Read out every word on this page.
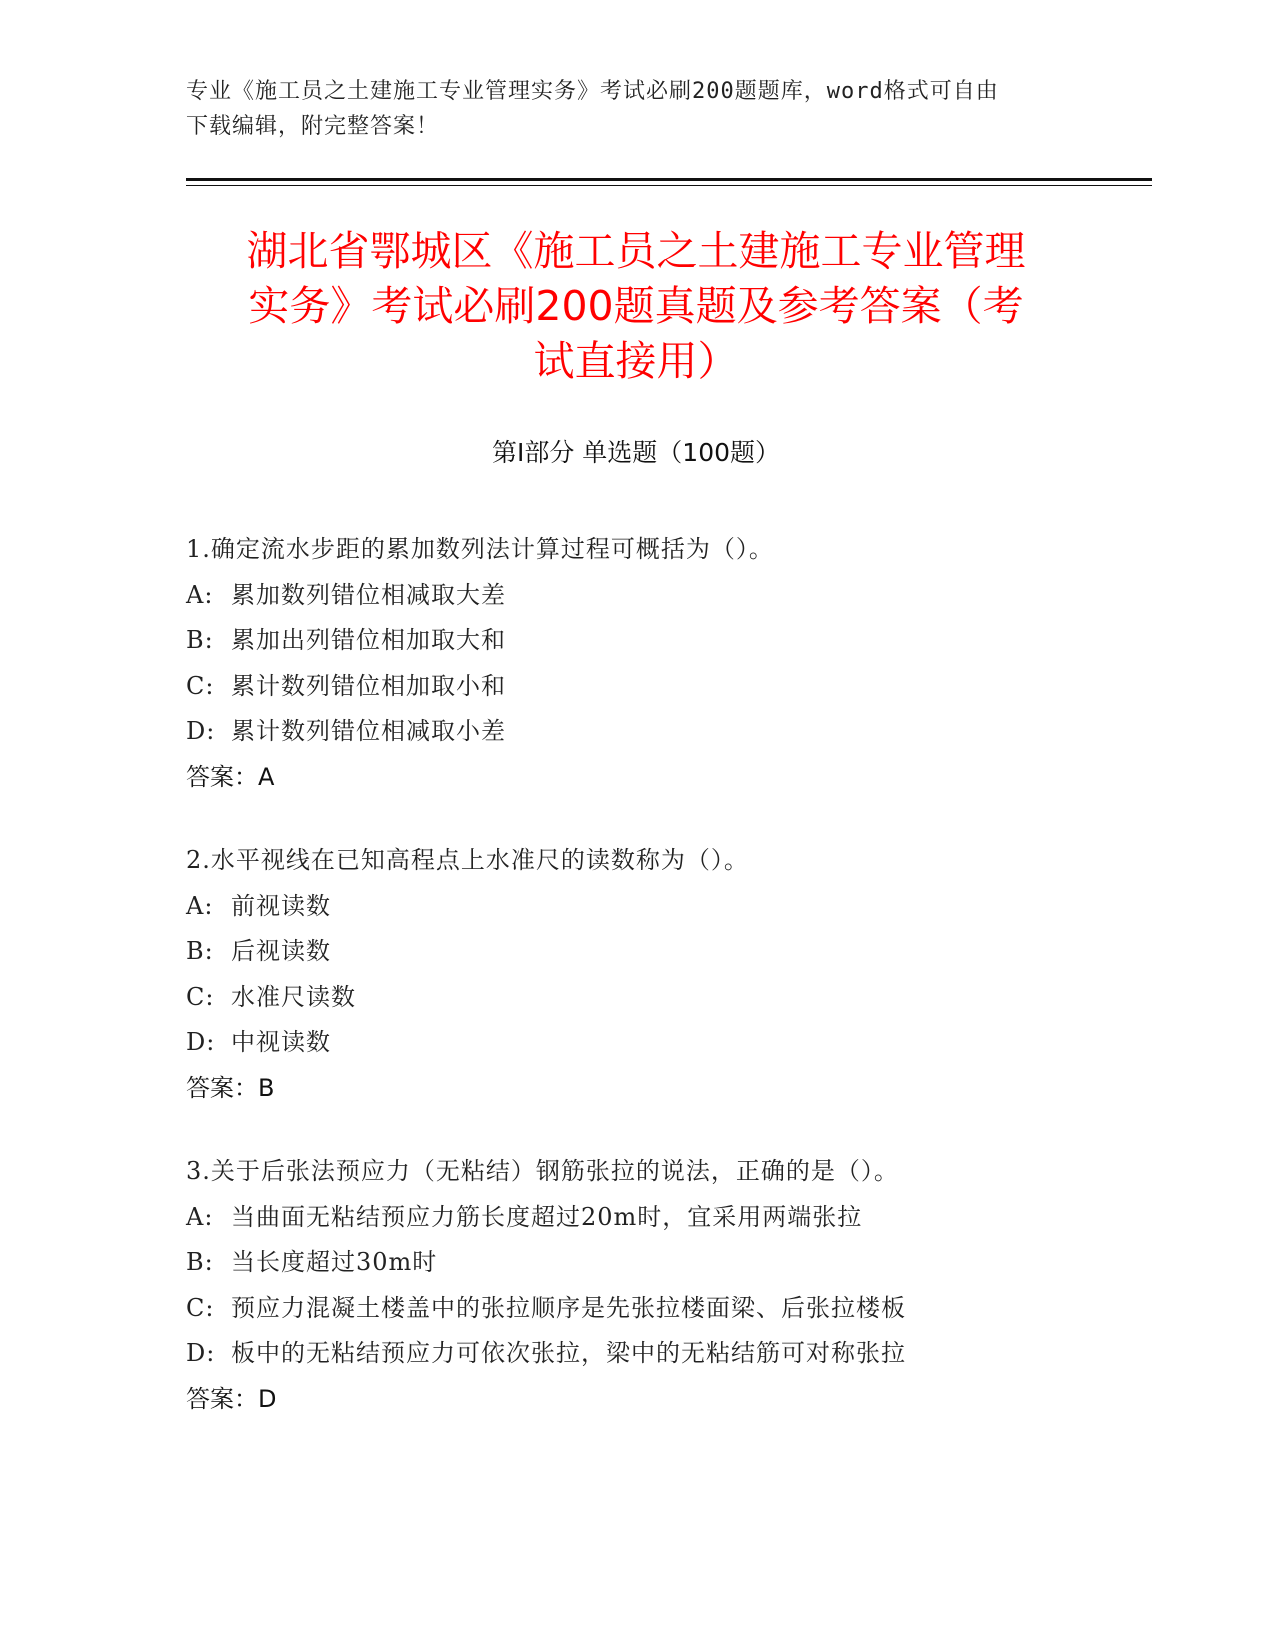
专业《施工员之土建施工专业管理实务》考试必刷200题题库，word格式可自由
下载编辑，附完整答案！
湖北省鄂城区《施工员之土建施工专业管理
实务》考试必刷200题真题及参考答案（考
试直接用）
第Ⅰ部分 单选题（100题）
1.确定流水步距的累加数列法计算过程可概括为（）。
A: 累加数列错位相减取大差
B: 累加出列错位相加取大和
C: 累计数列错位相加取小和
D: 累计数列错位相减取小差
答案：A
2.水平视线在已知高程点上水准尺的读数称为（）。
A: 前视读数
B: 后视读数
C: 水准尺读数
D: 中视读数
答案：B
3.关于后张法预应力（无粘结）钢筋张拉的说法，正确的是（）。
A: 当曲面无粘结预应力筋长度超过20m时，宜采用两端张拉
B: 当长度超过30m时
C: 预应力混凝土楼盖中的张拉顺序是先张拉楼面梁、后张拉楼板
D: 板中的无粘结预应力可依次张拉，梁中的无粘结筋可对称张拉
答案：D
